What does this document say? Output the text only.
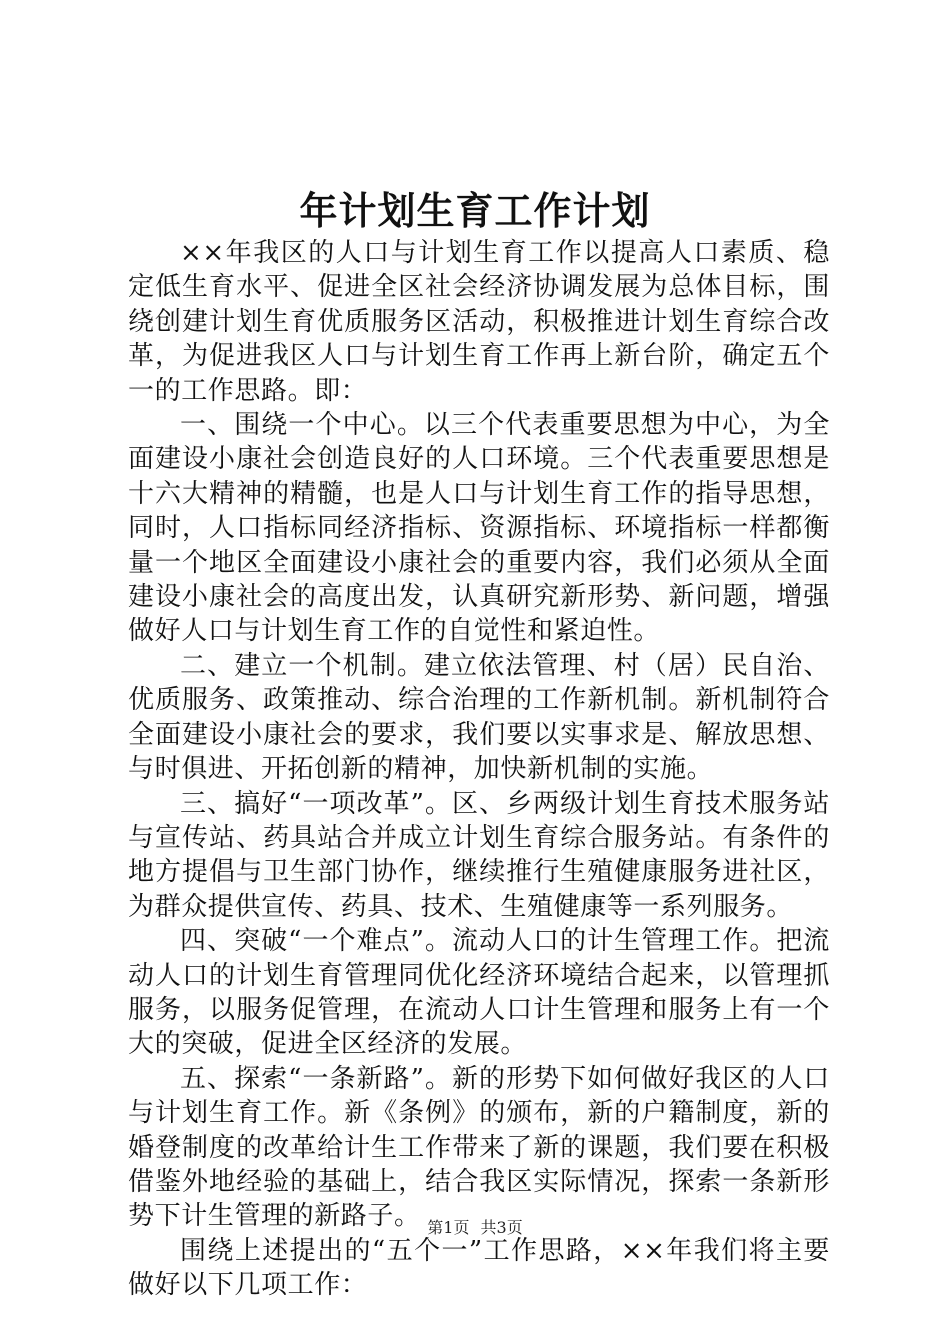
年计划生育工作计划

××年我区的人口与计划生育工作以提高人口素质、稳定低生育水平、促进全区社会经济协调发展为总体目标，围绕创建计划生育优质服务区活动，积极推进计划生育综合改革，为促进我区人口与计划生育工作再上新台阶，确定五个一的工作思路。即：

一、围绕一个中心。以三个代表重要思想为中心，为全面建设小康社会创造良好的人口环境。三个代表重要思想是十六大精神的精髓，也是人口与计划生育工作的指导思想，同时，人口指标同经济指标、资源指标、环境指标一样都衡量一个地区全面建设小康社会的重要内容，我们必须从全面建设小康社会的高度出发，认真研究新形势、新问题，增强做好人口与计划生育工作的自觉性和紧迫性。

二、建立一个机制。建立依法管理、村（居）民自治、优质服务、政策推动、综合治理的工作新机制。新机制符合全面建设小康社会的要求，我们要以实事求是、解放思想、与时俱进、开拓创新的精神，加快新机制的实施。

三、搞好“一项改革”。区、乡两级计划生育技术服务站与宣传站、药具站合并成立计划生育综合服务站。有条件的地方提倡与卫生部门协作，继续推行生殖健康服务进社区，为群众提供宣传、药具、技术、生殖健康等一系列服务。

四、突破“一个难点”。流动人口的计生管理工作。把流动人口的计划生育管理同优化经济环境结合起来，以管理抓服务，以服务促管理，在流动人口计生管理和服务上有一个大的突破，促进全区经济的发展。

五、探索“一条新路”。新的形势下如何做好我区的人口与计划生育工作。新《条例》的颁布，新的户籍制度，新的婚登制度的改革给计生工作带来了新的课题，我们要在积极借鉴外地经验的基础上，结合我区实际情况，探索一条新形势下计生管理的新路子。

围绕上述提出的“五个一”工作思路，××年我们将主要做好以下几项工作：

第1页 共3页
